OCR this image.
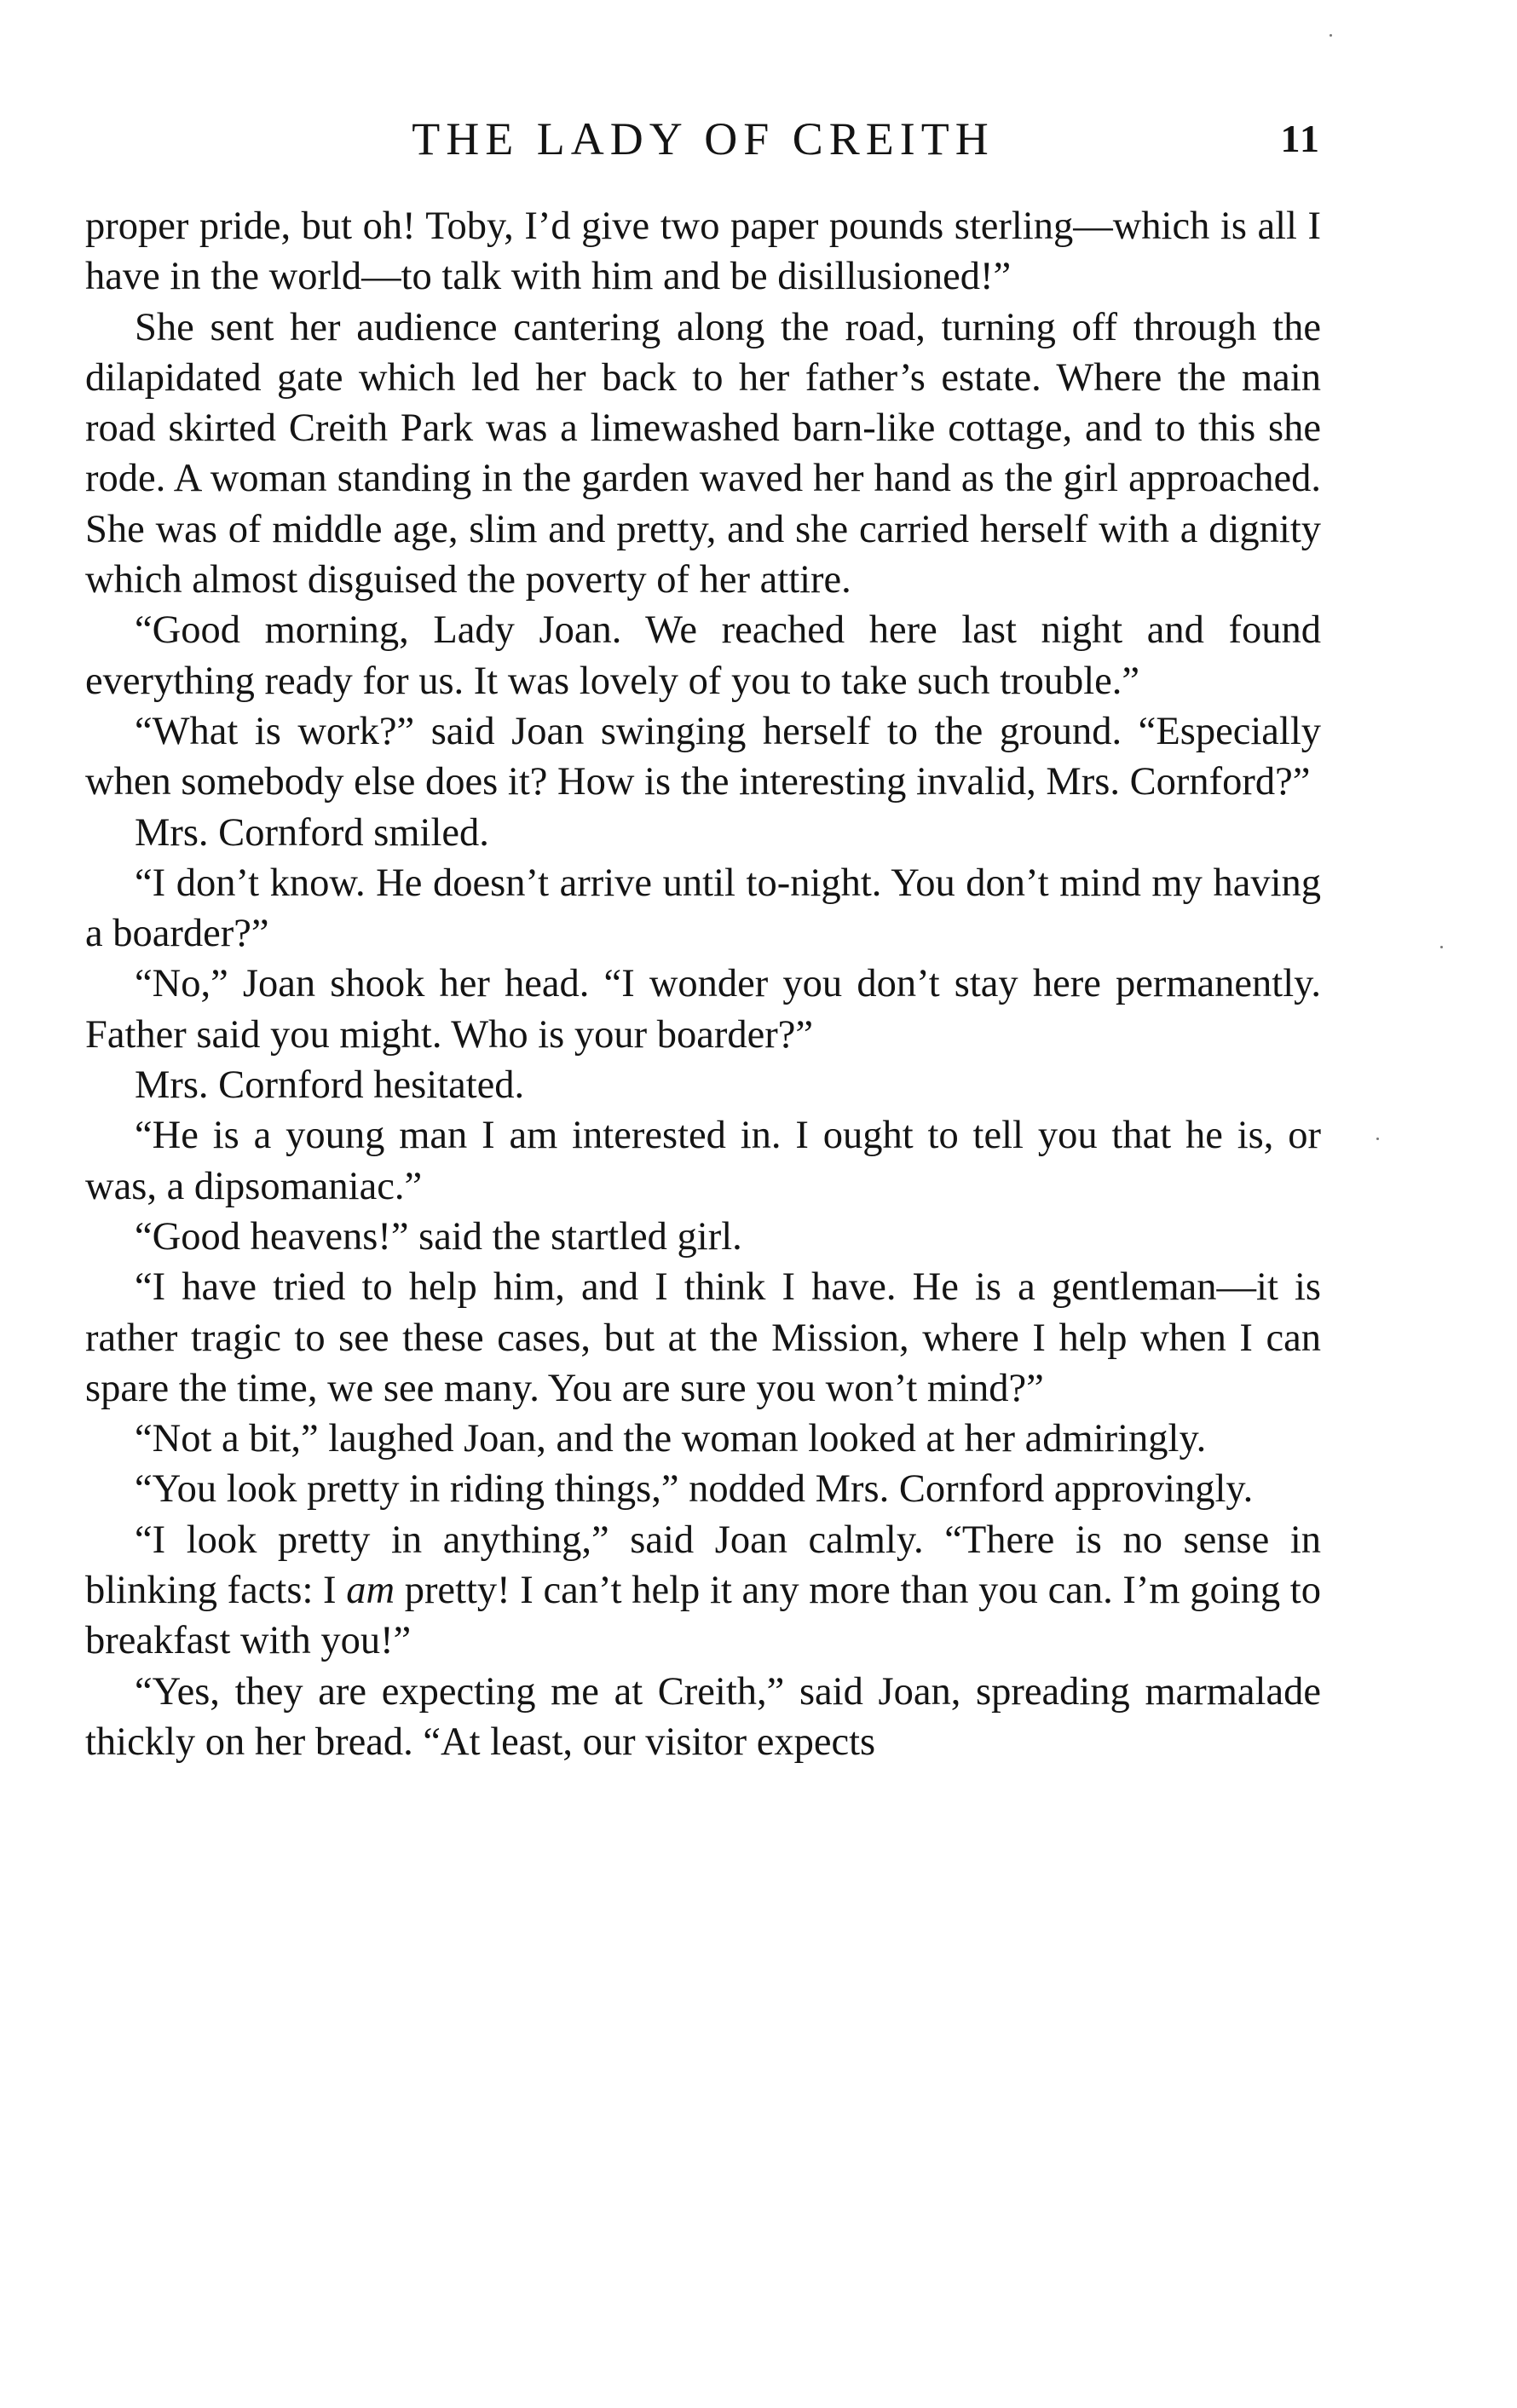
THE LADY OF CREITH	11

proper pride, but oh! Toby, I’d give two paper pounds sterling—which is all I have in the world—to talk with him and be disillusioned!”

She sent her audience cantering along the road, turning off through the dilapidated gate which led her back to her father’s estate. Where the main road skirted Creith Park was a limewashed barn-like cottage, and to this she rode. A woman standing in the garden waved her hand as the girl approached. She was of middle age, slim and pretty, and she carried herself with a dignity which almost disguised the poverty of her attire.

“Good morning, Lady Joan. We reached here last night and found everything ready for us. It was lovely of you to take such trouble.”

“What is work?” said Joan swinging herself to the ground. “Especially when somebody else does it? How is the interesting invalid, Mrs. Cornford?”

Mrs. Cornford smiled.

“I don’t know. He doesn’t arrive until to-night. You don’t mind my having a boarder?”

“No,” Joan shook her head. “I wonder you don’t stay here permanently. Father said you might. Who is your boarder?”

Mrs. Cornford hesitated.

“He is a young man I am interested in. I ought to tell you that he is, or was, a dipsomaniac.”

“Good heavens!” said the startled girl.

“I have tried to help him, and I think I have. He is a gentleman—it is rather tragic to see these cases, but at the Mission, where I help when I can spare the time, we see many. You are sure you won’t mind?”

“Not a bit,” laughed Joan, and the woman looked at her admiringly.

“You look pretty in riding things,” nodded Mrs. Cornford approvingly.

“I look pretty in anything,” said Joan calmly. “There is no sense in blinking facts: I am pretty! I can’t help it any more than you can. I’m going to breakfast with you!”

“Yes, they are expecting me at Creith,” said Joan, spreading marmalade thickly on her bread. “At least, our visitor expects
